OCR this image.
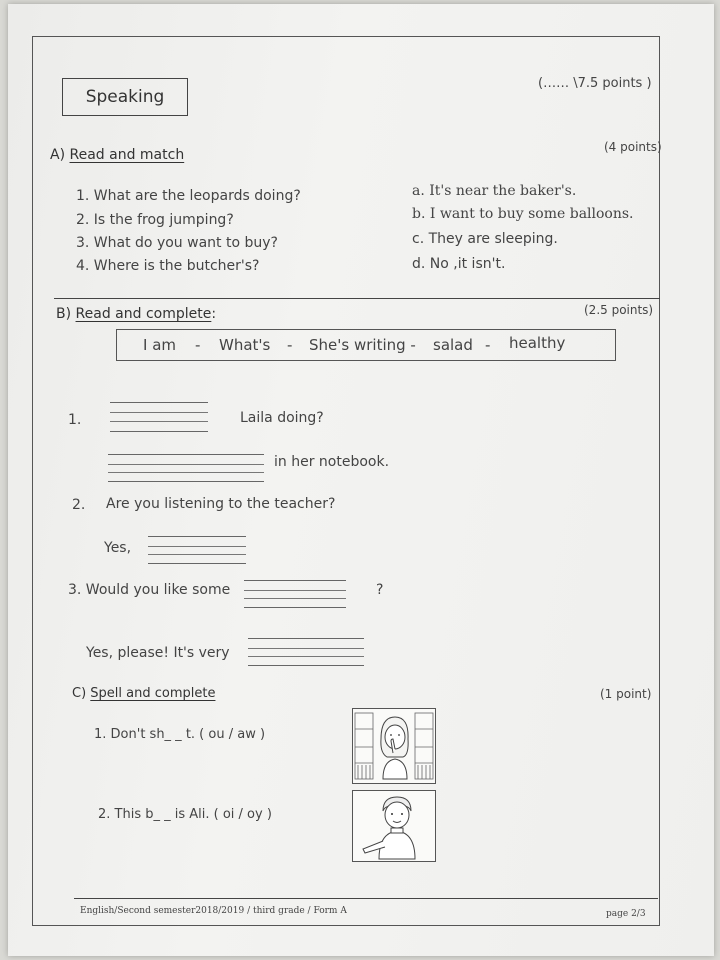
Speaking
(…… \7.5 points )
A) Read and match	(4 points)
1. What are the leopards doing?
2. Is the frog jumping?
3. What do you want to buy?
4. Where is the butcher's?
a. It's near the baker's.
b. I want to buy some balloons.
c. They are sleeping.
d. No ,it isn't.
B) Read and complete:	(2.5 points)
I am - What's - She's writing - salad - healthy
1.	Laila doing?
in her notebook.
2. Are you listening to the teacher?
Yes,
3. Would you like some	?
Yes, please! It's very
C) Spell and complete	(1 point)
1. Don't sh_ _ t. ( ou / aw )
2. This b_ _ is Ali. ( oi / oy )
English/Second semester2018/2019 / third grade / Form A	page 2/3
